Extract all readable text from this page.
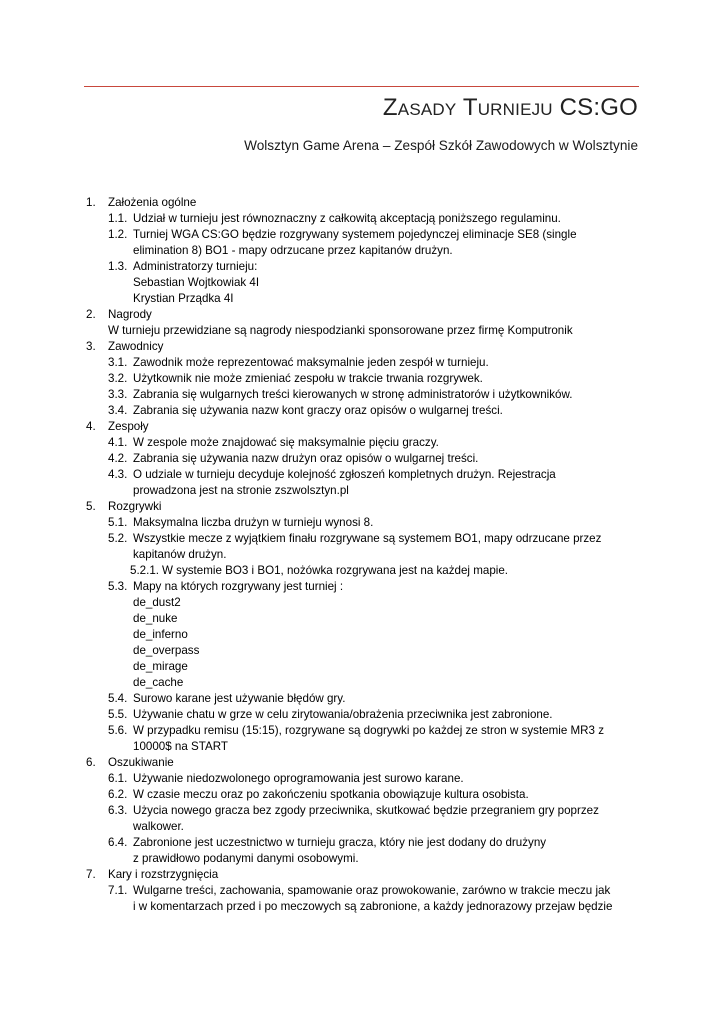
Zasady Turnieju CS:GO
Wolsztyn Game Arena – Zespół Szkół Zawodowych w Wolsztynie
1. Założenia ogólne
1.1. Udział w turnieju jest równoznaczny z całkowitą akceptacją poniższego regulaminu.
1.2. Turniej WGA CS:GO będzie rozgrywany systemem pojedynczej eliminacje SE8 (single
elimination 8) BO1 - mapy odrzucane przez kapitanów drużyn.
1.3. Administratorzy turnieju:
Sebastian Wojtkowiak 4I
Krystian Prządka 4I
2. Nagrody
W turnieju przewidziane są nagrody niespodzianki sponsorowane przez firmę Komputronik
3. Zawodnicy
3.1. Zawodnik może reprezentować maksymalnie jeden zespół w turnieju.
3.2. Użytkownik nie może zmieniać zespołu w trakcie trwania rozgrywek.
3.3. Zabrania się wulgarnych treści kierowanych w stronę administratorów i użytkowników.
3.4. Zabrania się używania nazw kont graczy oraz opisów o wulgarnej treści.
4. Zespoły
4.1. W zespole może znajdować się maksymalnie pięciu graczy.
4.2. Zabrania się używania nazw drużyn oraz opisów o wulgarnej treści.
4.3. O udziale w turnieju decyduje kolejność zgłoszeń kompletnych drużyn. Rejestracja
prowadzona jest na stronie zszwolsztyn.pl
5. Rozgrywki
5.1. Maksymalna liczba drużyn w turnieju wynosi 8.
5.2. Wszystkie mecze z wyjątkiem finału rozgrywane są systemem BO1, mapy odrzucane przez
kapitanów drużyn.
5.2.1. W systemie BO3 i BO1, nożówka rozgrywana jest na każdej mapie.
5.3. Mapy na których rozgrywany jest turniej :
de_dust2
de_nuke
de_inferno
de_overpass
de_mirage
de_cache
5.4. Surowo karane jest używanie błędów gry.
5.5. Używanie chatu w grze w celu zirytowania/obrażenia przeciwnika jest zabronione.
5.6. W przypadku remisu (15:15), rozgrywane są dogrywki po każdej ze stron w systemie MR3 z
10000$ na START
6. Oszukiwanie
6.1. Używanie niedozwolonego oprogramowania jest surowo karane.
6.2. W czasie meczu oraz po zakończeniu spotkania obowiązuje kultura osobista.
6.3. Użycia nowego gracza bez zgody przeciwnika, skutkować będzie przegraniem gry poprzez
walkower.
6.4. Zabronione jest uczestnictwo w turnieju gracza, który nie jest dodany do drużyny
z prawidłowo podanymi danymi osobowymi.
7. Kary i rozstrzygnięcia
7.1. Wulgarne treści, zachowania, spamowanie oraz prowokowanie, zarówno w trakcie meczu jak
i w komentarzach przed i po meczowych są zabronione, a każdy jednorazowy przejaw będzie
